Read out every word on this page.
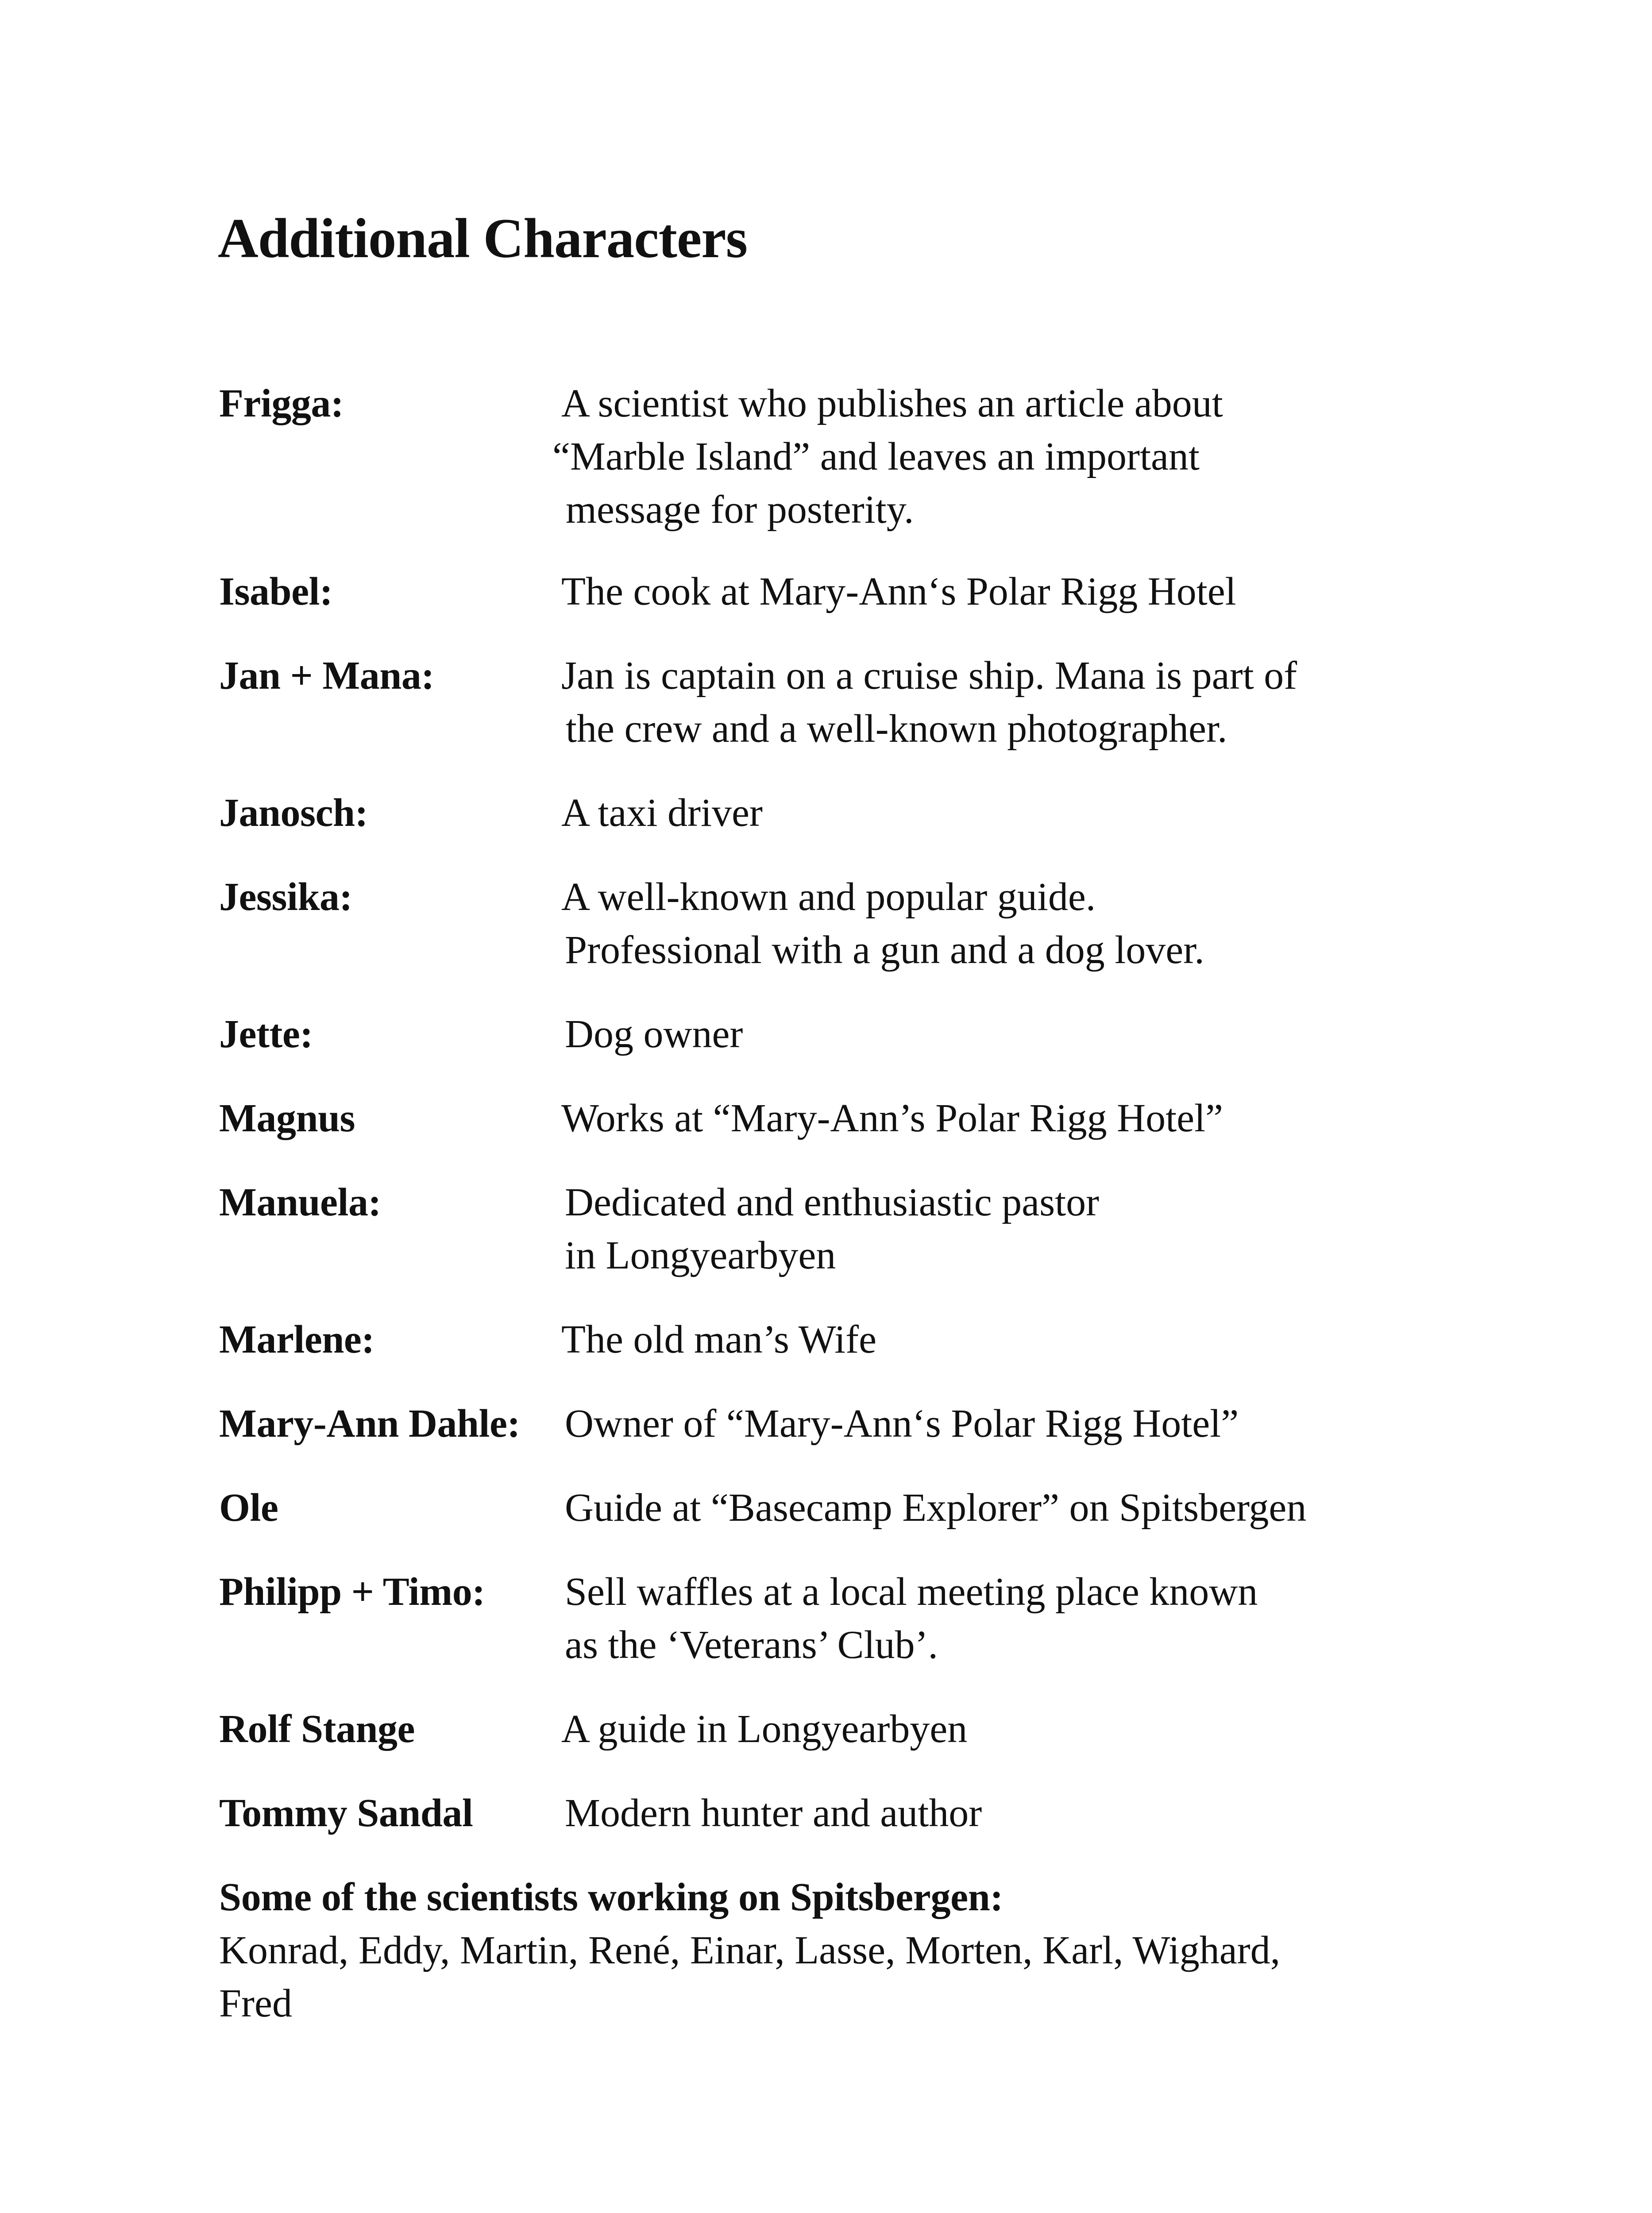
Additional Characters
Frigga:	A scientist who publishes an article about
“Marble Island” and leaves an important
message for posterity.
Isabel:	The cook at Mary-Ann‘s Polar Rigg Hotel
Jan + Mana:	Jan is captain on a cruise ship. Mana is part of
the crew and a well-known photographer.
Janosch:	A taxi driver
Jessika:	A well-known and popular guide.
Professional with a gun and a dog lover.
Jette:	Dog owner
Magnus	Works at “Mary-Ann’s Polar Rigg Hotel”
Manuela:	Dedicated and enthusiastic pastor
in Longyearbyen
Marlene:	The old man’s Wife
Mary-Ann Dahle: Owner of “Mary-Ann‘s Polar Rigg Hotel”
Ole	Guide at “Basecamp Explorer” on Spitsbergen
Philipp + Timo: Sell waffles at a local meeting place known
as the ‘Veterans’ Club’.
Rolf Stange	A guide in Longyearbyen
Tommy Sandal Modern hunter and author
Some of the scientists working on Spitsbergen:
Konrad, Eddy, Martin, René, Einar, Lasse, Morten, Karl, Wighard,
Fred
